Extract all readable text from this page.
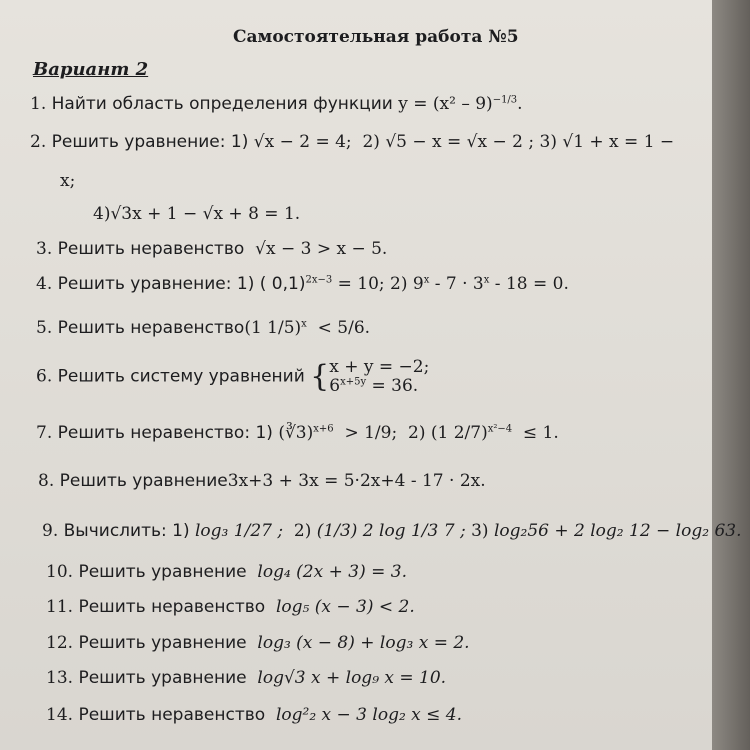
Самостоятельная работа №5
Вариант 2
1. Найти область определения функции y = (x² – 9)$^{-1/3}$.
2. Решить уравнение: 1) √x − 2 = 4; 2) √5 − x = √x − 2 ; 3) √1 + x = 1 −
x;
4)√3x + 1 − √x + 8 = 1.
3. Решить неравенство √x − 3 > x − 5.
4. Решить уравнение: 1) ( 0,1)$^{2x-3}$ = 10; 2) $9^x - 7 \cdot 3^x - 18 = 0$.
5. Решить неравенство(1 1/5)$^x$ < 5/6.
6. Решить систему уравнений { x + y = −2;
$6^{x+5y} = 36$.
7. Решить неравенство: 1) (∛3)$^{x+6}$ > 1/9; 2) (1 2/7)$^{x^2-4}$ ≤ 1.
8. Решить уравнение3x+3 + 3x = 5·2x+4 - 17 · 2x.
9. Вычислить: 1) log₃ 1/27 ; 2) (1/3) 2 log 1/3 7 ; 3) log₂56 + 2 log₂ 12 − log₂ 63.
10. Решить уравнение log₄ (2x + 3) = 3.
11. Решить неравенство log₅ (x − 3) < 2.
12. Решить уравнение log₃ (x − 8) + log₃ x = 2.
13. Решить уравнение log√3 x + log₉ x = 10.
14. Решить неравенство log²₂ x − 3 log₂ x ≤ 4.
